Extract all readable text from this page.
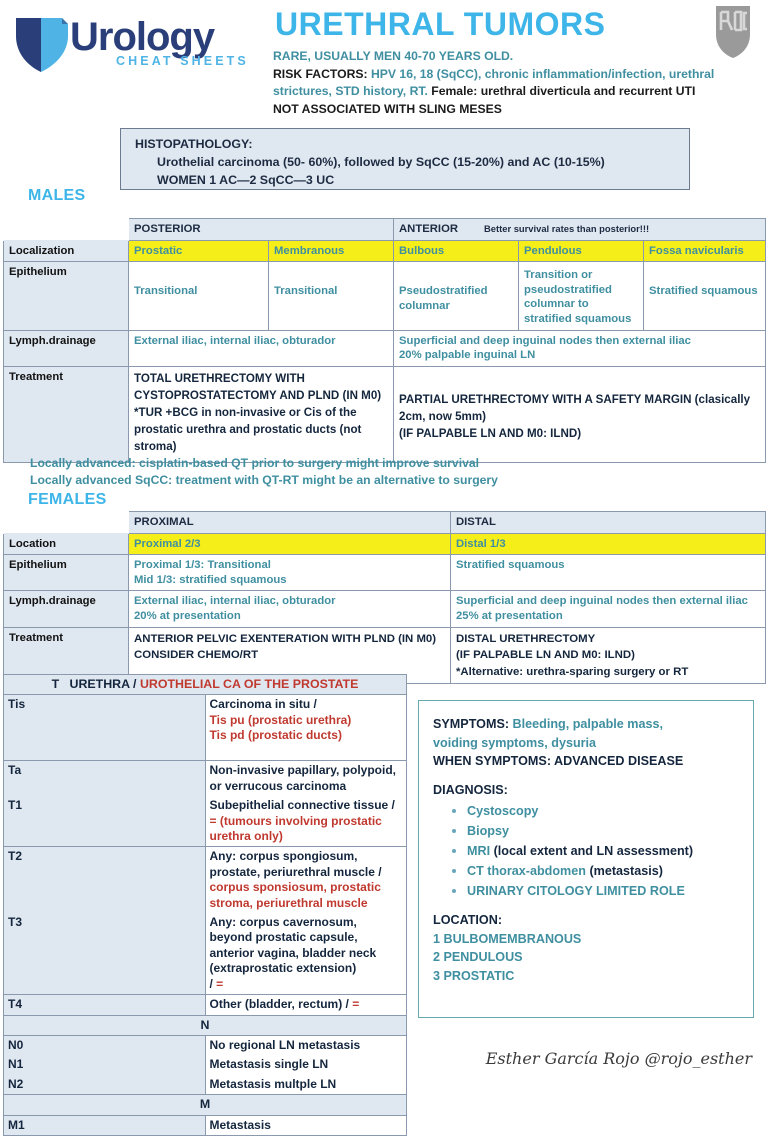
Urology
CHEAT SHEETS
URETHRAL TUMORS
RARE, USUALLY MEN 40-70 YEARS OLD.
RISK FACTORS: HPV 16, 18 (SqCC), chronic inflammation/infection, urethral
strictures, STD history, RT. Female: urethral diverticula and recurrent UTI
NOT ASSOCIATED WITH SLING MESES
HISTOPATHOLOGY:
Urothelial carcinoma (50- 60%), followed by SqCC (15-20%) and AC (10-15%)
WOMEN 1 AC—2 SqCC—3 UC
MALES
	POSTERIOR		ANTERIOR Better survival rates than posterior!!!		
Localization	Prostatic	Membranous	Bulbous	Pendulous	Fossa navicularis
Epithelium	Transitional	Transitional	Pseudostratified columnar	Transition or pseudostratified columnar to stratified squamous	Stratified squamous
Lymph.drainage	External iliac, internal iliac, obturador		Superficial and deep inguinal nodes then external iliac
20% palpable inguinal LN		

Treatment	TOTAL URETHRECTOMY WITH
CYSTOPROSTATECTOMY AND PLND (IN M0)
*TUR +BCG in non-invasive or Cis of the prostatic urethra and prostatic ducts (not stroma)

PARTIAL URETHRECTOMY WITH A SAFETY MARGIN (clasically 2cm, now 5mm)
(IF PALPABLE LN AND M0: ILND)
Locally advanced: cisplatin-based QT prior to surgery might improve survival
Locally advanced SqCC: treatment with QT-RT might be an alternative to surgery
FEMALES
	PROXIMAL	DISTAL
Location	Proximal 2/3	Distal 1/3
Epithelium	Proximal 1/3: Transitional
Mid 1/3: stratified squamous	Stratified squamous
Lymph.drainage	External iliac, internal iliac, obturador
20% at presentation

Superficial and deep inguinal nodes then external iliac
25% at presentation

Treatment	ANTERIOR PELVIC EXENTERATION WITH PLND (IN M0)
CONSIDER CHEMO/RT

DISTAL URETHRECTOMY
(IF PALPABLE LN AND M0: ILND)
*Alternative: urethra-sparing surgery or RT
T URETHRA / UROTHELIAL CA OF THE PROSTATE	
Tis	Carcinoma in situ /
Tis pu (prostatic urethra)
Tis pd (prostatic ducts)

Ta	Non-invasive papillary, polypoid, or verrucous carcinoma
T1	Subepithelial connective tissue / = (tumours involving prostatic urethra only)
T2	Any: corpus spongiosum, prostate, periurethral muscle / corpus sponsiosum, prostatic stroma, periurethral muscle
T3	Any: corpus cavernosum, beyond prostatic capsule, anterior vagina, bladder neck (extraprostatic extension)
/ =

T4	Other (bladder, rectum) / =
N	
N0	No regional LN metastasis
N1	Metastasis single LN
N2	Metastasis multple LN
M	
M1	Metastasis
SYMPTOMS: Bleeding, palpable mass,
voiding symptoms, dysuria
WHEN SYMPTOMS: ADVANCED DISEASE
DIAGNOSIS:
• Cystoscopy
• Biopsy
• MRI (local extent and LN assessment)
• CT thorax-abdomen (metastasis)
• URINARY CITOLOGY LIMITED ROLE
LOCATION:
1 BULBOMEMBRANOUS
2 PENDULOUS
3 PROSTATIC
Esther García Rojo @rojo_esther
